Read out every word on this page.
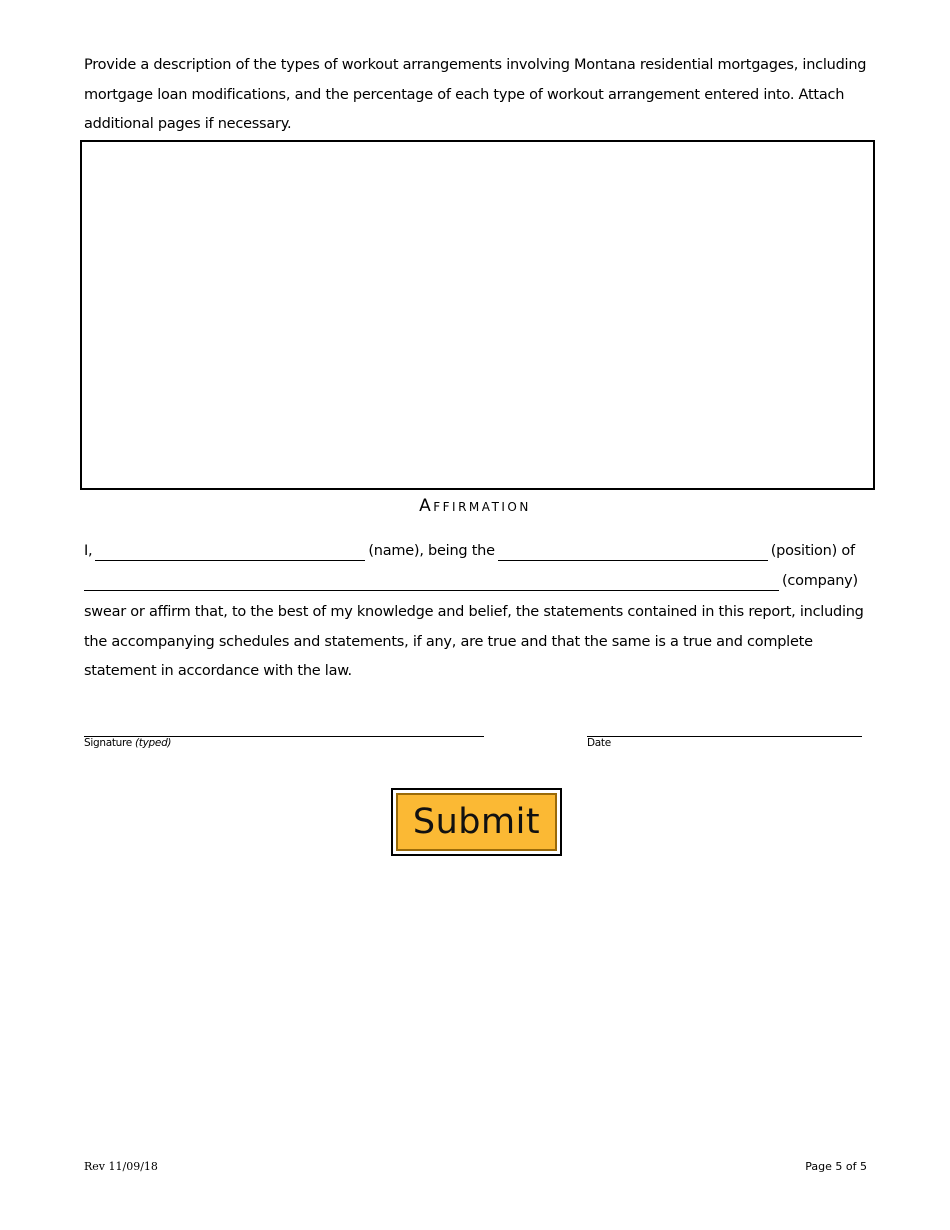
Provide a description of the types of workout arrangements involving Montana residential mortgages, including mortgage loan modifications, and the percentage of each type of workout arrangement entered into. Attach additional pages if necessary.
Affirmation
I,	(name), being the	(position) of
(company)
swear or affirm that, to the best of my knowledge and belief, the statements contained in this report, including the accompanying schedules and statements, if any, are true and that the same is a true and complete statement in accordance with the law.
Signature (typed)	Date
Submit
Rev 11/09/18	Page 5 of 5
